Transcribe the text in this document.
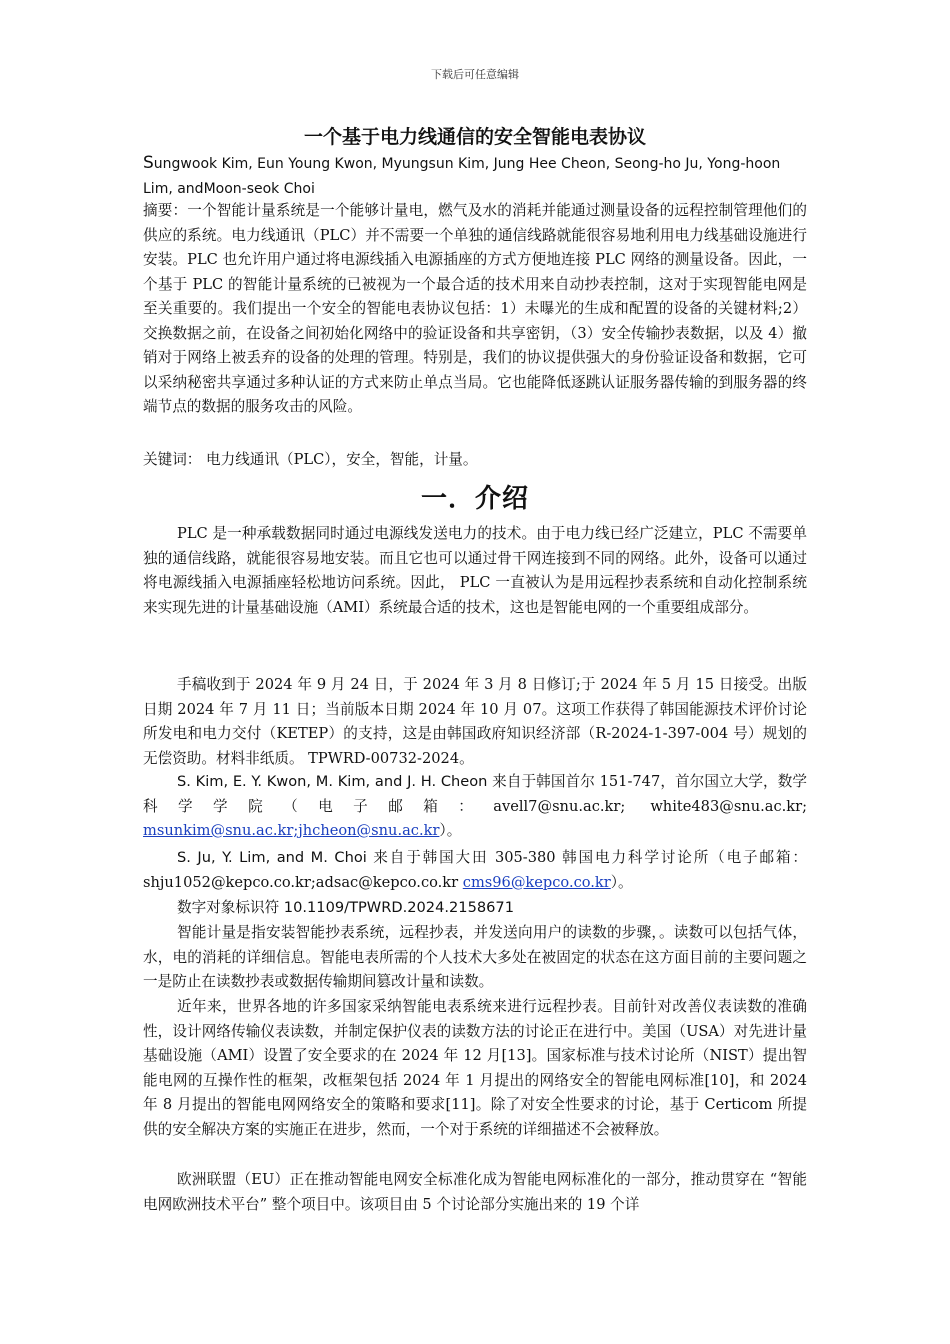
下载后可任意编辑
一个基于电力线通信的安全智能电表协议
Sungwook Kim, Eun Young Kwon, Myungsun Kim, Jung Hee Cheon, Seong-ho Ju, Yong-hoon Lim, andMoon-seok Choi

摘要：一个智能计量系统是一个能够计量电，燃气及水的消耗并能通过测量设备的远程控制管理他们的供应的系统。电力线通讯（PLC）并不需要一个单独的通信线路就能很容易地利用电力线基础设施进行安装。PLC 也允许用户通过将电源线插入电源插座的方式方便地连接 PLC 网络的测量设备。因此，一个基于 PLC 的智能计量系统的已被视为一个最合适的技术用来自动抄表控制，这对于实现智能电网是至关重要的。我们提出一个安全的智能电表协议包括：1）未曝光的生成和配置的设备的关键材料;2）交换数据之前，在设备之间初始化网络中的验证设备和共享密钥，（3）安全传输抄表数据，以及 4）撤销对于网络上被丢弃的设备的处理的管理。特别是，我们的协议提供强大的身份验证设备和数据，它可以采纳秘密共享通过多种认证的方式来防止单点当局。它也能降低逐跳认证服务器传输的到服务器的终端节点的数据的服务攻击的风险。

关键词： 电力线通讯（PLC），安全，智能，计量。

一．介绍

PLC 是一种承载数据同时通过电源线发送电力的技术。由于电力线已经广泛建立，PLC 不需要单独的通信线路，就能很容易地安装。而且它也可以通过骨干网连接到不同的网络。此外，设备可以通过将电源线插入电源插座轻松地访问系统。因此， PLC 一直被认为是用远程抄表系统和自动化控制系统来实现先进的计量基础设施（AMI）系统最合适的技术，这也是智能电网的一个重要组成部分。

手稿收到于 2024 年 9 月 24 日，于 2024 年 3 月 8 日修订;于 2024 年 5 月 15 日接受。出版日期 2024 年 7 月 11 日；当前版本日期 2024 年 10 月 07。这项工作获得了韩国能源技术评价讨论所发电和电力交付（KETEP）的支持，这是由韩国政府知识经济部（R-2024-1-397-004 号）规划的无偿资助。材料非纸质。 TPWRD-00732-2024。

S. Kim, E. Y. Kwon, M. Kim, and J. H. Cheon 来自于韩国首尔 151-747，首尔国立大学，数学科学学院（电子邮箱：avell7@snu.ac.kr; white483@snu.ac.kr; msunkim@snu.ac.kr;jhcheon@snu.ac.kr）。

S. Ju, Y. Lim, and M. Choi 来自于韩国大田 305-380 韩国电力科学讨论所（电子邮箱：shju1052@kepco.co.kr;adsac@kepco.co.kr cms96@kepco.co.kr）。

数字对象标识符 10.1109/TPWRD.2024.2158671

智能计量是指安装智能抄表系统，远程抄表，并发送向用户的读数的步骤，。读数可以包括气体，水，电的消耗的详细信息。智能电表所需的个人技术大多处在被固定的状态在这方面目前的主要问题之一是防止在读数抄表或数据传输期间篡改计量和读数。

近年来，世界各地的许多国家采纳智能电表系统来进行远程抄表。目前针对改善仪表读数的准确性，设计网络传输仪表读数，并制定保护仪表的读数方法的讨论正在进行中。美国（USA）对先进计量基础设施（AMI）设置了安全要求的在 2024 年 12 月[13]。国家标准与技术讨论所（NIST）提出智能电网的互操作性的框架，改框架包括 2024 年 1 月提出的网络安全的智能电网标准[10]，和 2024 年 8 月提出的智能电网网络安全的策略和要求[11]。除了对安全性要求的讨论，基于 Certicom 所提供的安全解决方案的实施正在进步，然而，一个对于系统的详细描述不会被释放。

欧洲联盟（EU）正在推动智能电网安全标准化成为智能电网标准化的一部分，推动贯穿在 “智能电网欧洲技术平台” 整个项目中。该项目由 5 个讨论部分实施出来的 19 个详
